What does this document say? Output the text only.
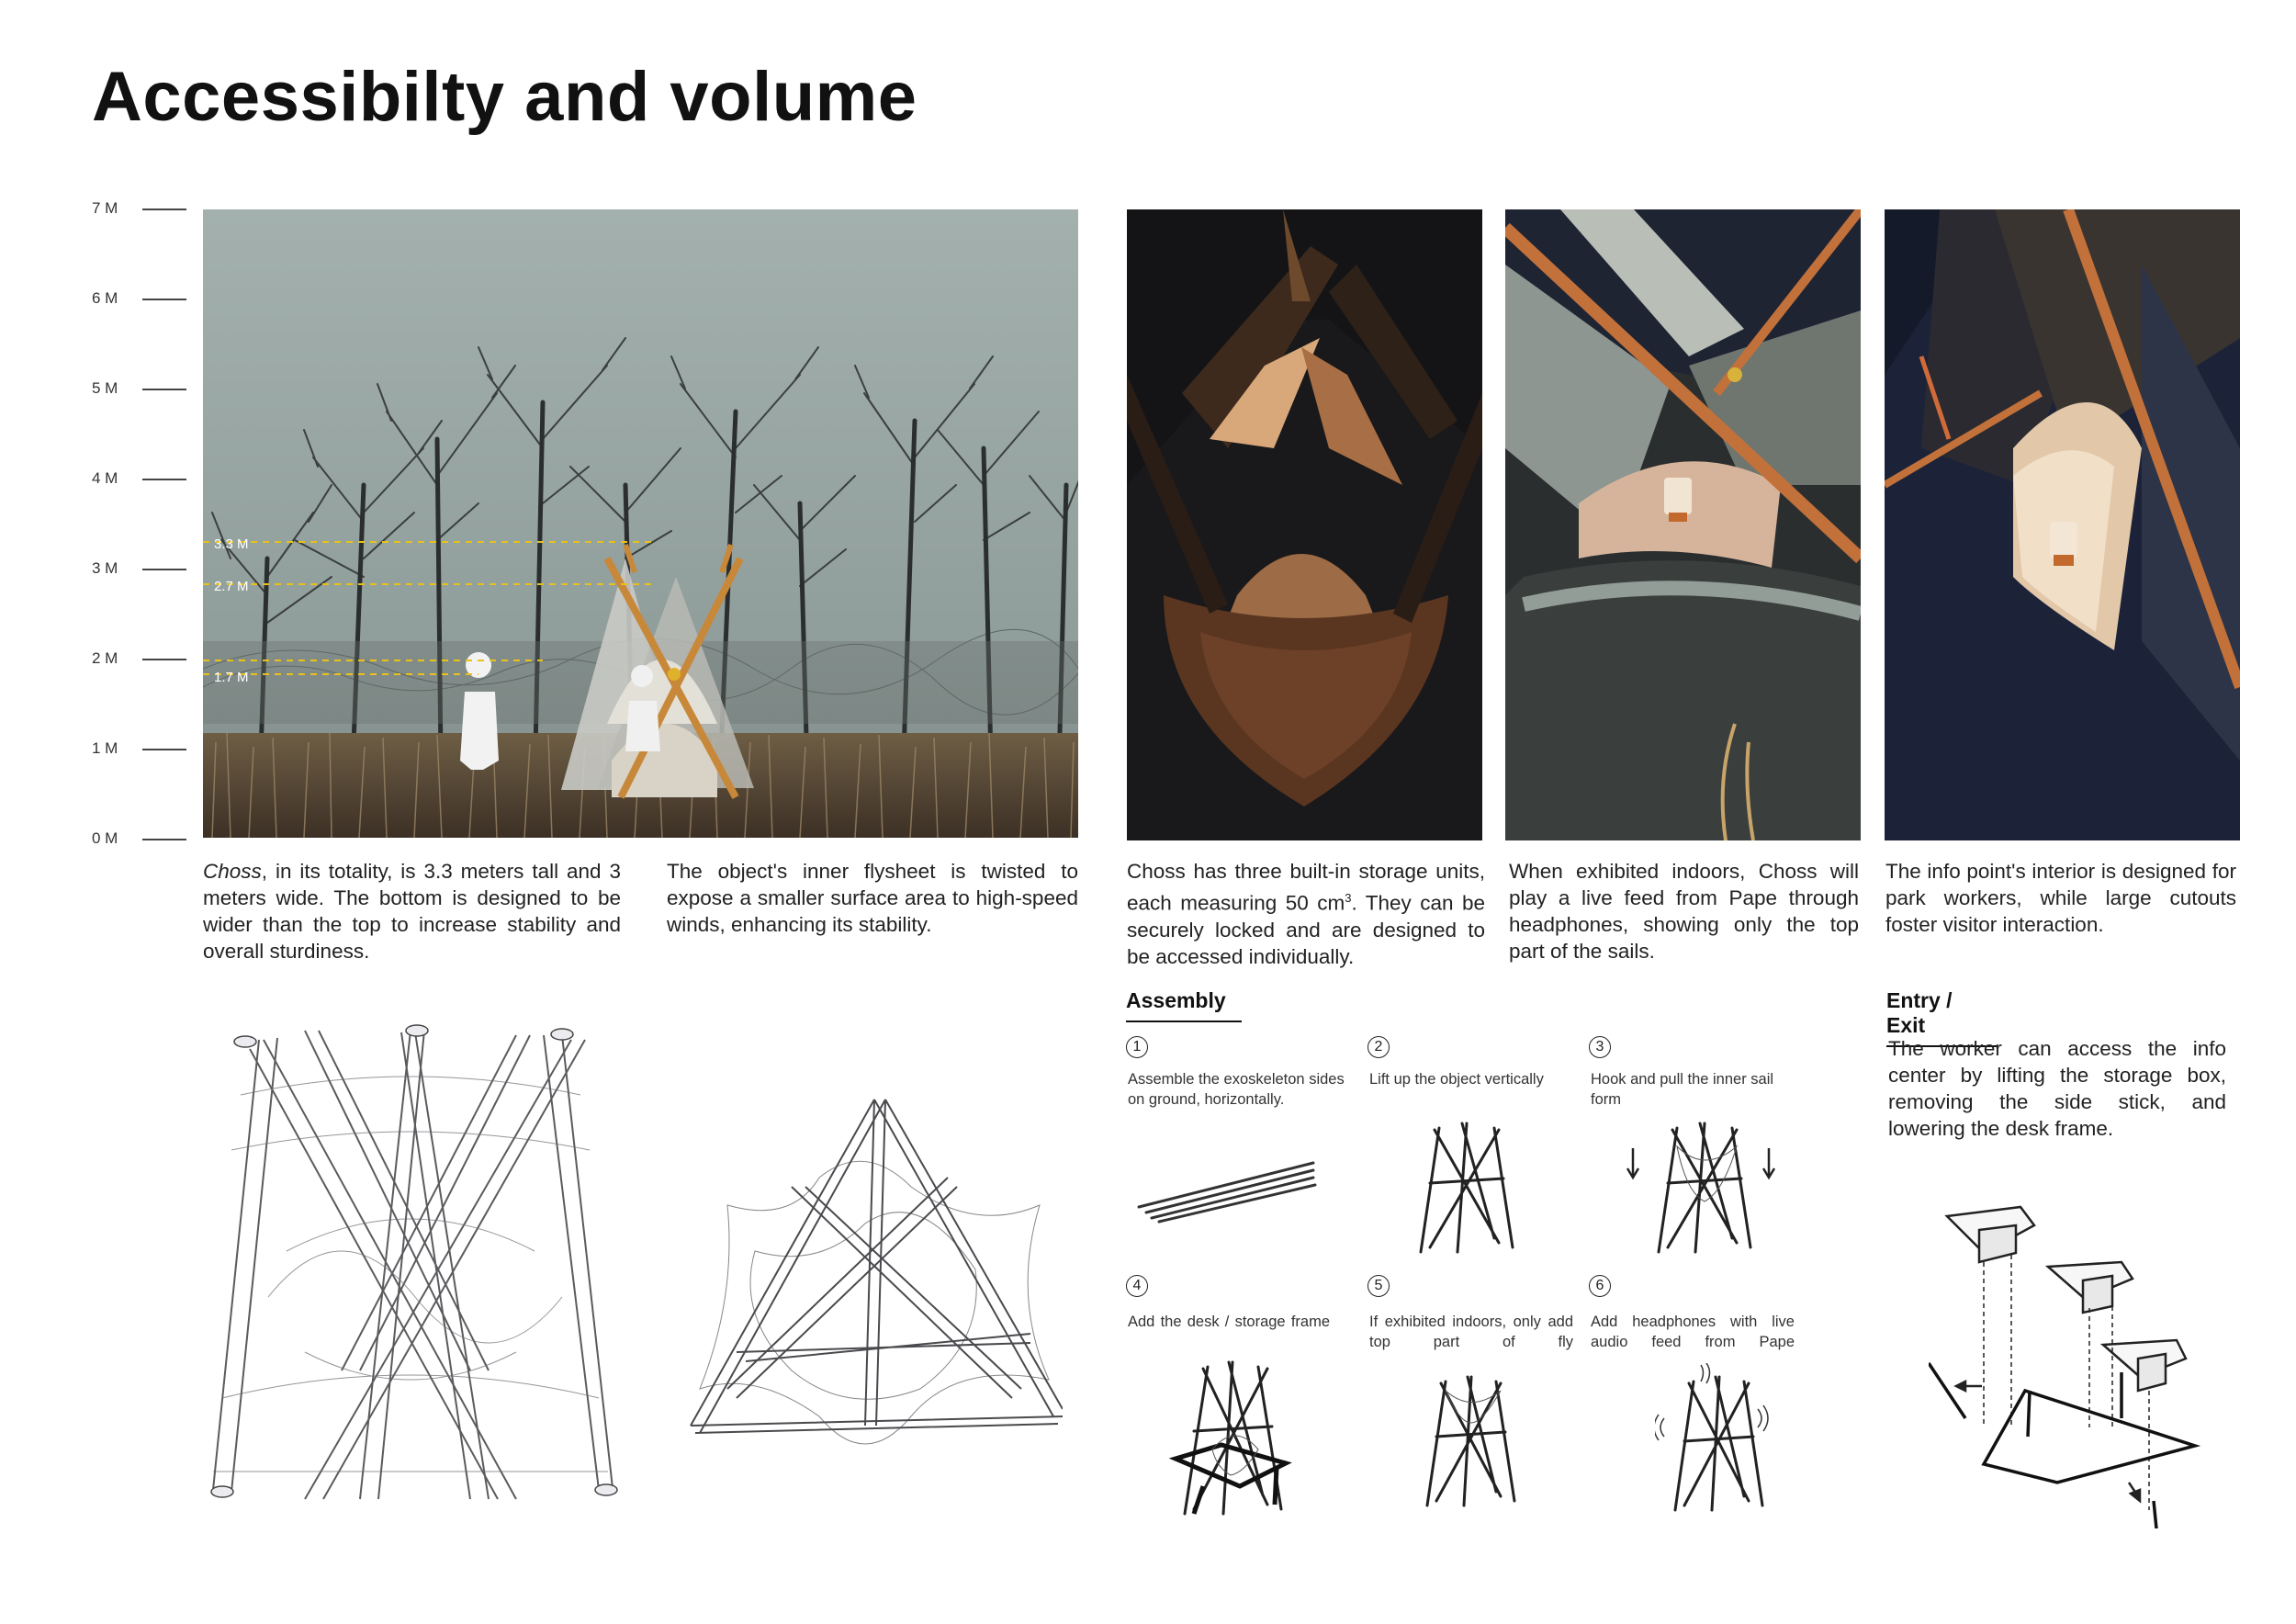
Accessibilty and volume
7 M
6 M
5 M
4 M
3 M
2 M
1 M
0 M
3.3 M
2.7 M
1.7 M
Choss, in its totality, is 3.3 meters tall and 3 meters wide. The bottom is designed to be wider than the top to increase stability and overall sturdiness.
The object's inner flysheet is twisted to expose a smaller surface area to high-speed winds, enhancing its stability.
Choss has three built-in storage units, each measuring 50 $cm^3$. They can be securely locked and are designed to be accessed individually.
When exhibited indoors, Choss will play a live feed from Pape through headphones, showing only the top part of the sails.
The info point's interior is designed for park workers, while large cutouts foster visitor interaction.
Assembly
1
Assemble the exoskeleton sides on ground, horizontally.
2
Lift up the object vertically
3
Hook and pull the inner sail form
4
Add the desk / storage frame
5
If exhibited indoors, only add top part of fly
6
Add headphones with live audio feed from Pape
Entry / Exit
The worker can access the info center by lifting the storage box, removing the side stick, and lowering the desk frame.
